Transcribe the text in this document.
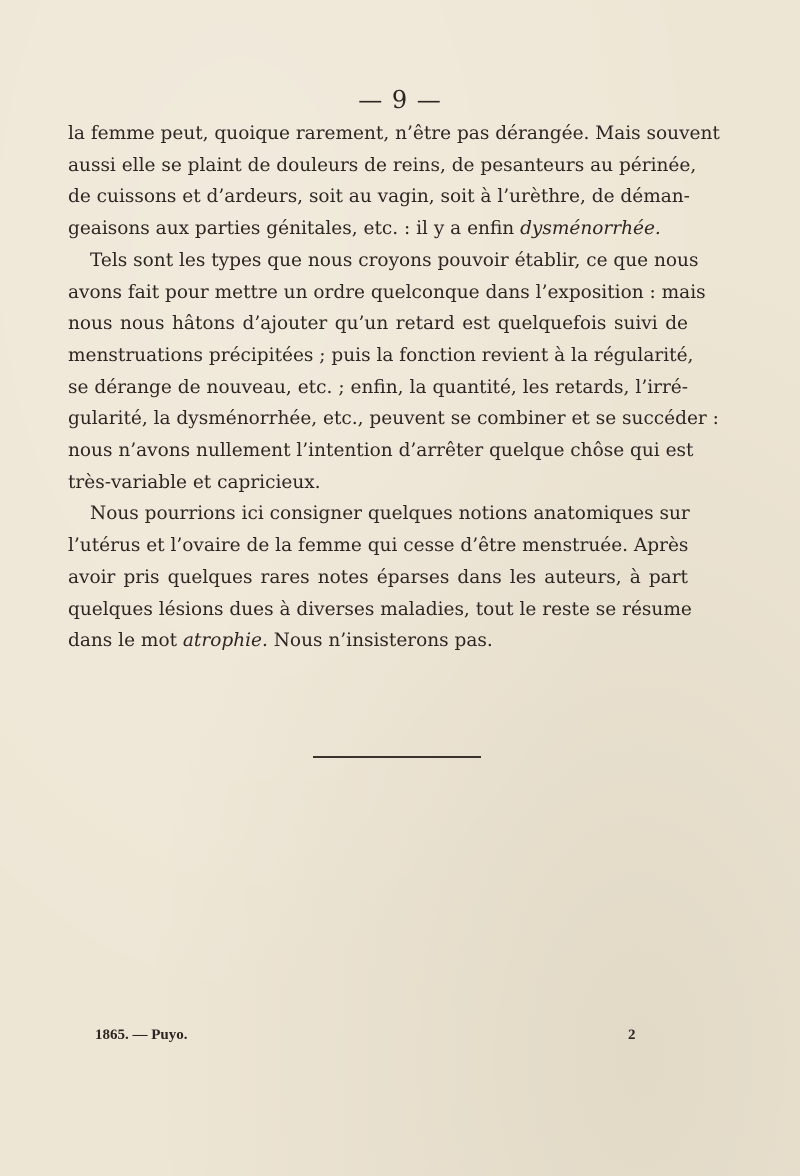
— 9 —

la femme peut, quoique rarement, n’être pas dérangée. Mais souvent
aussi elle se plaint de douleurs de reins, de pesanteurs au périnée,
de cuissons et d’ardeurs, soit au vagin, soit à l’urèthre, de déman-
geaisons aux parties génitales, etc. : il y a enfin dysménorrhée.

Tels sont les types que nous croyons pouvoir établir, ce que nous
avons fait pour mettre un ordre quelconque dans l’exposition : mais
nous nous hâtons d’ajouter qu’un retard est quelquefois suivi de
menstruations précipitées ; puis la fonction revient à la régularité,
se dérange de nouveau, etc. ; enfin, la quantité, les retards, l’irré-
gularité, la dysménorrhée, etc., peuvent se combiner et se succéder :
nous n’avons nullement l’intention d’arrêter quelque chôse qui est
très-variable et capricieux.

Nous pourrions ici consigner quelques notions anatomiques sur
l’utérus et l’ovaire de la femme qui cesse d’être menstruée. Après
avoir pris quelques rares notes éparses dans les auteurs, à part
quelques lésions dues à diverses maladies, tout le reste se résume
dans le mot atrophie. Nous n’insisterons pas.

1865. — Puyo.	2
